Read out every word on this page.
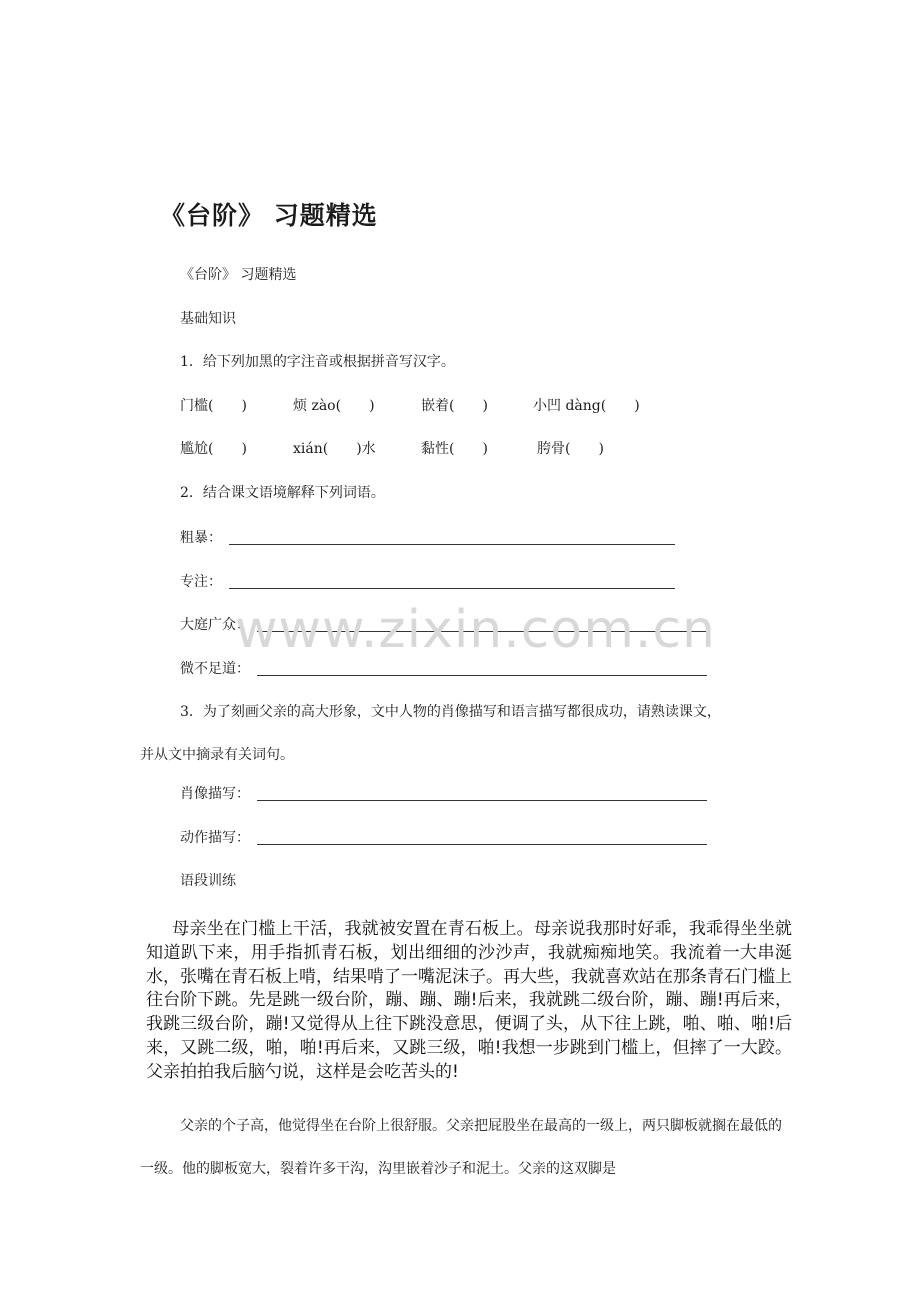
《台阶》 习题精选
《台阶》 习题精选
基础知识
1．给下列加黑的字注音或根据拼音写汉字。
门槛(　　)	烦 zào(　　)	嵌着(　　)	小凹 dàng(　　)
尴尬(　　)	xián(　　)水	黏性(　　)	胯骨(　　)
2．结合课文语境解释下列词语。
粗暴：
专注：
大庭广众：
微不足道：
3．为了刻画父亲的高大形象，文中人物的肖像描写和语言描写都很成功，请熟读课文，
并从文中摘录有关词句。
肖像描写：
动作描写：
语段训练
母亲坐在门槛上干活，我就被安置在青石板上。母亲说我那时好乖，我乖得坐坐就知道趴下来，用手指抓青石板，划出细细的沙沙声，我就痴痴地笑。我流着一大串涎水，张嘴在青石板上啃，结果啃了一嘴泥沫子。再大些，我就喜欢站在那条青石门槛上往台阶下跳。先是跳一级台阶，蹦、蹦、蹦!后来，我就跳二级台阶，蹦、蹦!再后来，我跳三级台阶，蹦!又觉得从上往下跳没意思，便调了头，从下往上跳，啪、啪、啪!后来，又跳二级，啪，啪!再后来，又跳三级，啪!我想一步跳到门槛上，但摔了一大跤。父亲拍拍我后脑勺说，这样是会吃苦头的!
父亲的个子高，他觉得坐在台阶上很舒服。父亲把屁股坐在最高的一级上，两只脚板就搁在最低的一级。他的脚板宽大，裂着许多干沟，沟里嵌着沙子和泥土。父亲的这双脚是
www.zixin.com.cn
